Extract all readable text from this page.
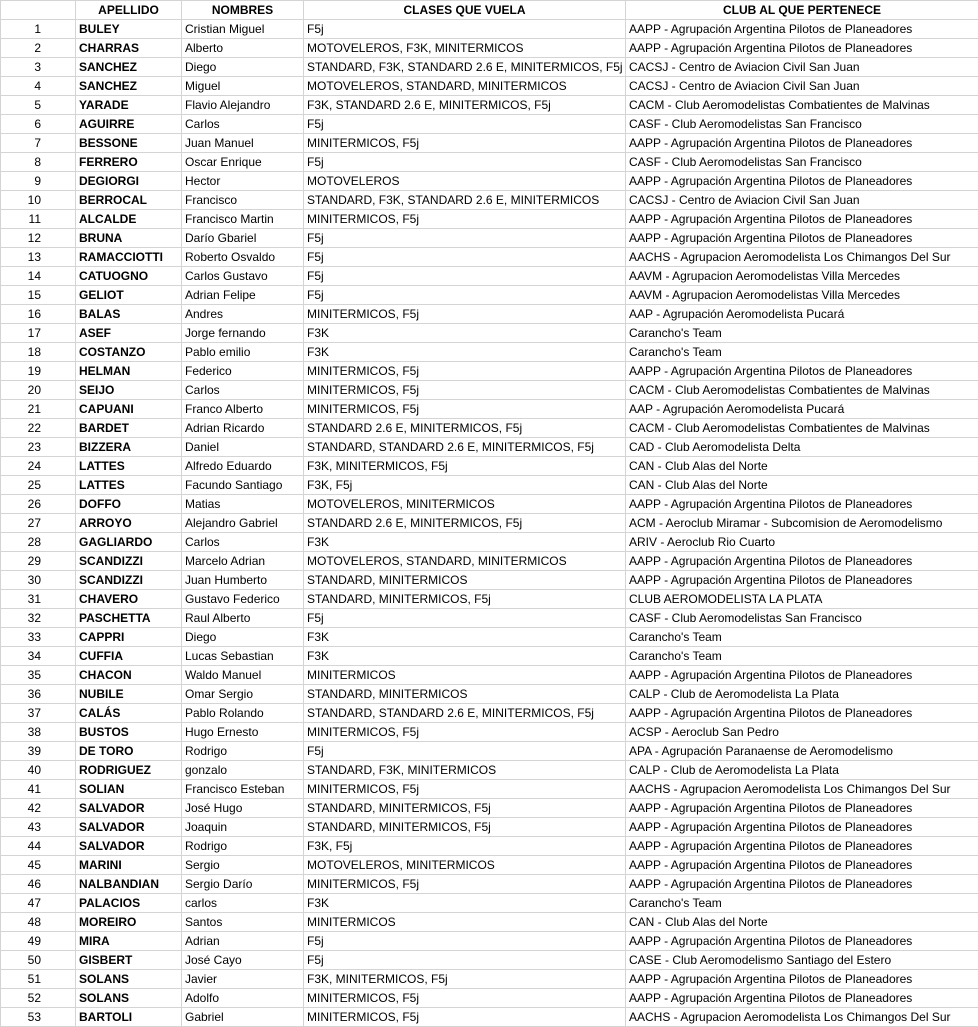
	APELLIDO	NOMBRES	CLASES QUE VUELA	CLUB AL QUE PERTENECE
1	BULEY	Cristian Miguel	F5j	AAPP - Agrupación Argentina Pilotos de Planeadores
2	CHARRAS	Alberto	MOTOVELEROS, F3K, MINITERMICOS	AAPP - Agrupación Argentina Pilotos de Planeadores
3	SANCHEZ	Diego	STANDARD, F3K, STANDARD 2.6 E, MINITERMICOS, F5j	CACSJ - Centro de Aviacion Civil San Juan
4	SANCHEZ	Miguel	MOTOVELEROS, STANDARD, MINITERMICOS	CACSJ - Centro de Aviacion Civil San Juan
5	YARADE	Flavio Alejandro	F3K, STANDARD 2.6 E, MINITERMICOS, F5j	CACM - Club Aeromodelistas Combatientes de Malvinas
6	AGUIRRE	Carlos	F5j	CASF - Club Aeromodelistas San Francisco
7	BESSONE	Juan Manuel	MINITERMICOS, F5j	AAPP - Agrupación Argentina Pilotos de Planeadores
8	FERRERO	Oscar Enrique	F5j	CASF - Club Aeromodelistas San Francisco
9	DEGIORGI	Hector	MOTOVELEROS	AAPP - Agrupación Argentina Pilotos de Planeadores
10	BERROCAL	Francisco	STANDARD, F3K, STANDARD 2.6 E, MINITERMICOS	CACSJ - Centro de Aviacion Civil San Juan
11	ALCALDE	Francisco Martin	MINITERMICOS, F5j	AAPP - Agrupación Argentina Pilotos de Planeadores
12	BRUNA	Darío Gbariel	F5j	AAPP - Agrupación Argentina Pilotos de Planeadores
13	RAMACCIOTTI	Roberto Osvaldo	F5j	AACHS - Agrupacion Aeromodelista Los Chimangos Del Sur
14	CATUOGNO	Carlos Gustavo	F5j	AAVM - Agrupacion Aeromodelistas Villa Mercedes
15	GELIOT	Adrian Felipe	F5j	AAVM - Agrupacion Aeromodelistas Villa Mercedes
16	BALAS	Andres	MINITERMICOS, F5j	AAP - Agrupación Aeromodelista Pucará
17	ASEF	Jorge fernando	F3K	Carancho's Team
18	COSTANZO	Pablo emilio	F3K	Carancho's Team
19	HELMAN	Federico	MINITERMICOS, F5j	AAPP - Agrupación Argentina Pilotos de Planeadores
20	SEIJO	Carlos	MINITERMICOS, F5j	CACM - Club Aeromodelistas Combatientes de Malvinas
21	CAPUANI	Franco Alberto	MINITERMICOS, F5j	AAP - Agrupación Aeromodelista Pucará
22	BARDET	Adrian Ricardo	STANDARD 2.6 E, MINITERMICOS, F5j	CACM - Club Aeromodelistas Combatientes de Malvinas
23	BIZZERA	Daniel	STANDARD, STANDARD 2.6 E, MINITERMICOS, F5j	CAD - Club Aeromodelista Delta
24	LATTES	Alfredo Eduardo	F3K, MINITERMICOS, F5j	CAN - Club Alas del Norte
25	LATTES	Facundo Santiago	F3K, F5j	CAN - Club Alas del Norte
26	DOFFO	Matias	MOTOVELEROS, MINITERMICOS	AAPP - Agrupación Argentina Pilotos de Planeadores
27	ARROYO	Alejandro Gabriel	STANDARD 2.6 E, MINITERMICOS, F5j	ACM - Aeroclub Miramar - Subcomision de Aeromodelismo
28	GAGLIARDO	Carlos	F3K	ARIV - Aeroclub Rio Cuarto
29	SCANDIZZI	Marcelo Adrian	MOTOVELEROS, STANDARD, MINITERMICOS	AAPP - Agrupación Argentina Pilotos de Planeadores
30	SCANDIZZI	Juan Humberto	STANDARD, MINITERMICOS	AAPP - Agrupación Argentina Pilotos de Planeadores
31	CHAVERO	Gustavo Federico	STANDARD, MINITERMICOS, F5j	CLUB AEROMODELISTA LA PLATA
32	PASCHETTA	Raul Alberto	F5j	CASF - Club Aeromodelistas San Francisco
33	CAPPRI	Diego	F3K	Carancho's Team
34	CUFFIA	Lucas Sebastian	F3K	Carancho's Team
35	CHACON	Waldo Manuel	MINITERMICOS	AAPP - Agrupación Argentina Pilotos de Planeadores
36	NUBILE	Omar Sergio	STANDARD, MINITERMICOS	CALP - Club de Aeromodelista La Plata
37	CALÁS	Pablo Rolando	STANDARD, STANDARD 2.6 E, MINITERMICOS, F5j	AAPP - Agrupación Argentina Pilotos de Planeadores
38	BUSTOS	Hugo Ernesto	MINITERMICOS, F5j	ACSP - Aeroclub San Pedro
39	DE TORO	Rodrigo	F5j	APA - Agrupación Paranaense de Aeromodelismo
40	RODRIGUEZ	gonzalo	STANDARD, F3K, MINITERMICOS	CALP - Club de Aeromodelista La Plata
41	SOLIAN	Francisco Esteban	MINITERMICOS, F5j	AACHS - Agrupacion Aeromodelista Los Chimangos Del Sur
42	SALVADOR	José Hugo	STANDARD, MINITERMICOS, F5j	AAPP - Agrupación Argentina Pilotos de Planeadores
43	SALVADOR	Joaquin	STANDARD, MINITERMICOS, F5j	AAPP - Agrupación Argentina Pilotos de Planeadores
44	SALVADOR	Rodrigo	F3K, F5j	AAPP - Agrupación Argentina Pilotos de Planeadores
45	MARINI	Sergio	MOTOVELEROS, MINITERMICOS	AAPP - Agrupación Argentina Pilotos de Planeadores
46	NALBANDIAN	Sergio Darío	MINITERMICOS, F5j	AAPP - Agrupación Argentina Pilotos de Planeadores
47	PALACIOS	carlos	F3K	Carancho's Team
48	MOREIRO	Santos	MINITERMICOS	CAN - Club Alas del Norte
49	MIRA	Adrian	F5j	AAPP - Agrupación Argentina Pilotos de Planeadores
50	GISBERT	José Cayo	F5j	CASE - Club Aeromodelismo Santiago del Estero
51	SOLANS	Javier	F3K, MINITERMICOS, F5j	AAPP - Agrupación Argentina Pilotos de Planeadores
52	SOLANS	Adolfo	MINITERMICOS, F5j	AAPP - Agrupación Argentina Pilotos de Planeadores
53	BARTOLI	Gabriel	MINITERMICOS, F5j	AACHS - Agrupacion Aeromodelista Los Chimangos Del Sur
